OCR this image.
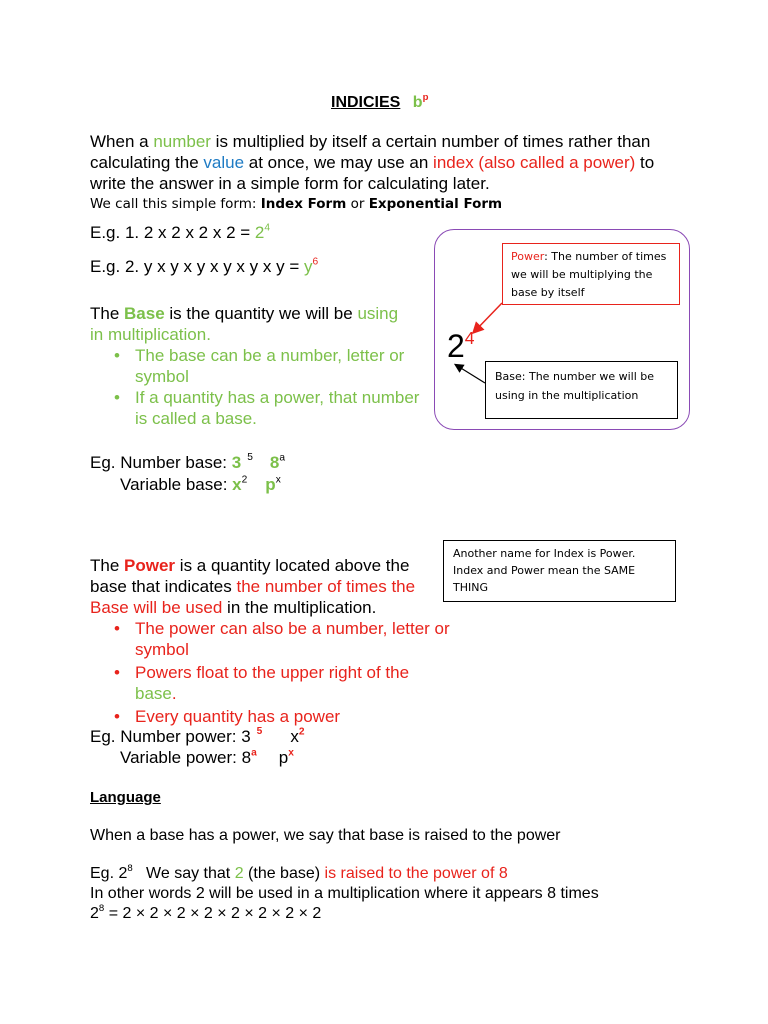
INDICIES $b^p$
When a number is multiplied by itself a certain number of times rather than
calculating the value at once, we may use an index (also called a power) to
write the answer in a simple form for calculating later.
We call this simple form: Index Form or Exponential Form
E.g. 1. 2 x 2 x 2 x $2 = 2^4$
E.g. 2. y x y x y x y x y x $y = y^6$
The Base is the quantity we will be using
in multiplication.
• The base can be a number, letter or symbol
• If a quantity has a power, that number is called a base.
Power: The number of times we will be multiplying the base by itself
Base: The number we will be using in the multiplication
$2^4$
Eg. Number base: 3 $^5$ 8$^a$
Variable base: $x^2$ $p^x$
Another name for Index is Power. Index and Power mean the SAME THING
The Power is a quantity located above the
base that indicates the number of times the
Base will be used in the multiplication.
• The power can also be a number, letter or symbol
• Powers float to the upper right of the base.
• Every quantity has a power
Eg. Number power: 3 $^5$ $x^2$
Variable power: 8$^a$ $p^x$
Language
When a base has a power, we say that base is raised to the power
Eg. $2^8$   We say that 2 (the base) is raised to the power of 8
In other words 2 will be used in a multiplication where it appears 8 times
$2^8 = 2 \times 2 \times 2 \times 2 \times 2 \times 2 \times 2 \times 2$
